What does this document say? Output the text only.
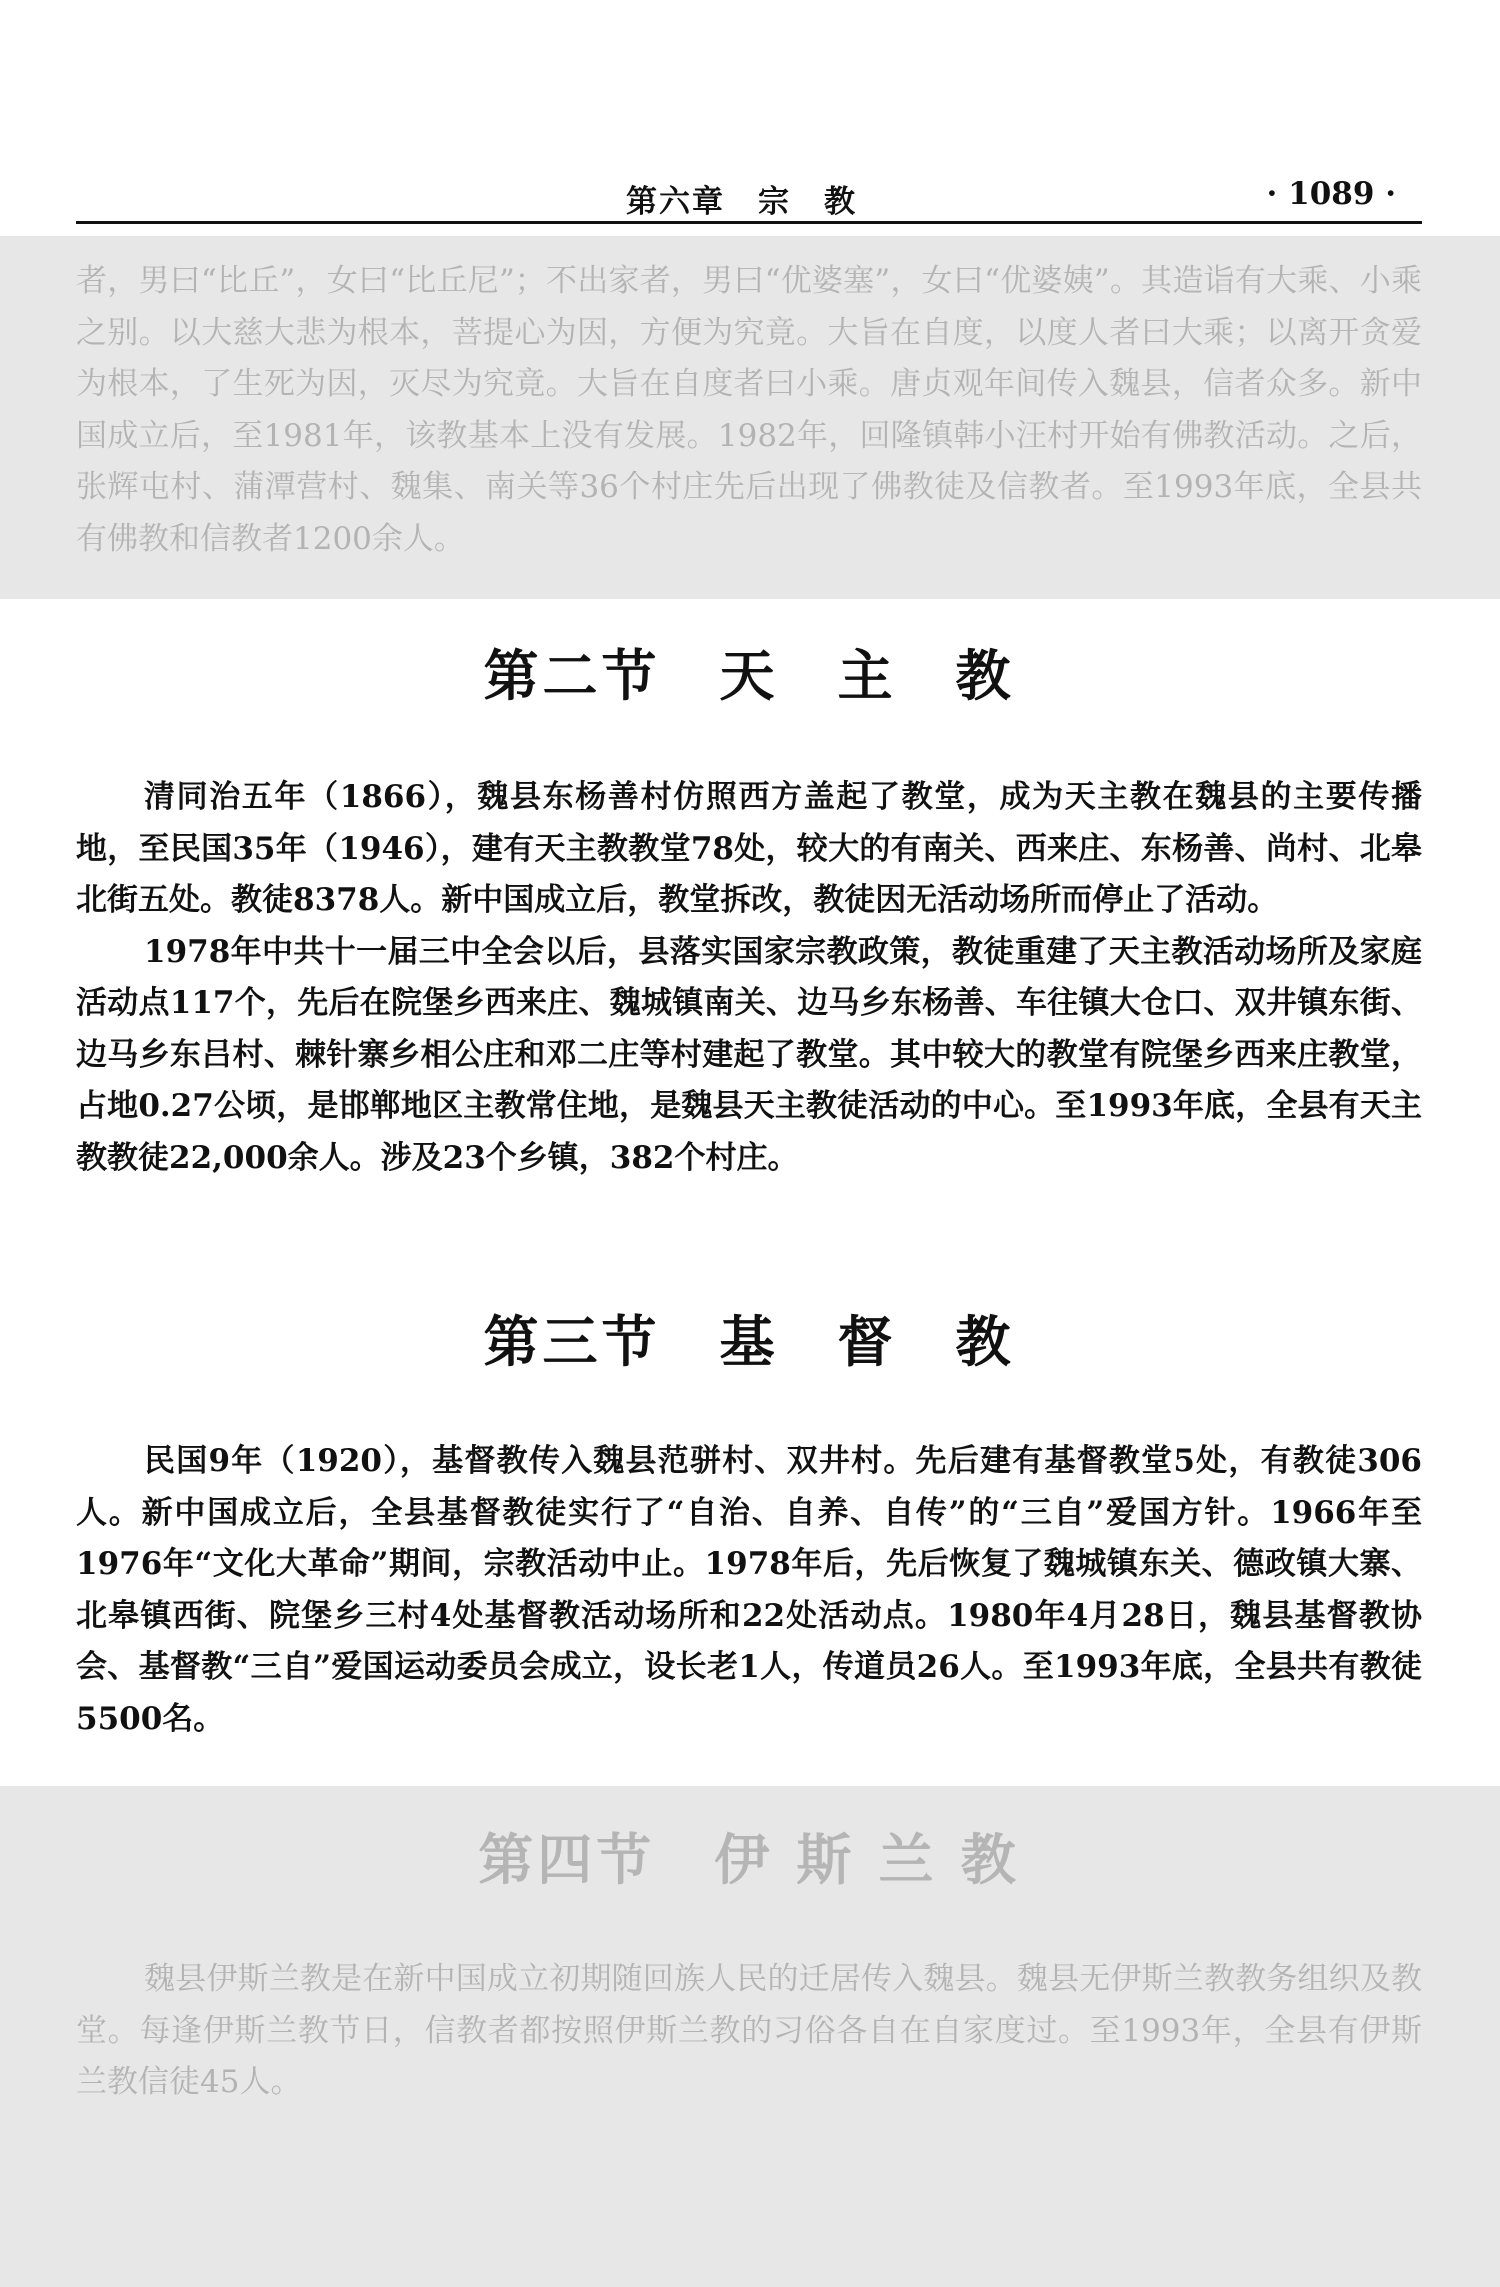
第六章　宗　教	· 1089 ·

者，男曰“比丘”，女曰“比丘尼”；不出家者，男曰“优婆塞”，女曰“优婆姨”。其造诣有大乘、小乘之别。以大慈大悲为根本，菩提心为因，方便为究竟。大旨在自度，以度人者曰大乘；以离开贪爱为根本，了生死为因，灭尽为究竟。大旨在自度者曰小乘。唐贞观年间传入魏县，信者众多。新中国成立后，至1981年，该教基本上没有发展。1982年，回隆镇韩小汪村开始有佛教活动。之后，张辉屯村、蒲潭营村、魏集、南关等36个村庄先后出现了佛教徒及信教者。至1993年底，全县共有佛教和信教者1200余人。

第二节　天　主　教

清同治五年（1866），魏县东杨善村仿照西方盖起了教堂，成为天主教在魏县的主要传播地，至民国35年（1946），建有天主教教堂78处，较大的有南关、西来庄、东杨善、尚村、北皋北街五处。教徒8378人。新中国成立后，教堂拆改，教徒因无活动场所而停止了活动。

1978年中共十一届三中全会以后，县落实国家宗教政策，教徒重建了天主教活动场所及家庭活动点117个，先后在院堡乡西来庄、魏城镇南关、边马乡东杨善、车往镇大仓口、双井镇东街、边马乡东吕村、棘针寨乡相公庄和邓二庄等村建起了教堂。其中较大的教堂有院堡乡西来庄教堂，占地0.27公顷，是邯郸地区主教常住地，是魏县天主教徒活动的中心。至1993年底，全县有天主教教徒22,000余人。涉及23个乡镇，382个村庄。

第三节　基　督　教

民国9年（1920），基督教传入魏县范骈村、双井村。先后建有基督教堂5处，有教徒306人。新中国成立后，全县基督教徒实行了“自治、自养、自传”的“三自”爱国方针。1966年至1976年“文化大革命”期间，宗教活动中止。1978年后，先后恢复了魏城镇东关、德政镇大寨、北皋镇西街、院堡乡三村4处基督教活动场所和22处活动点。1980年4月28日，魏县基督教协会、基督教“三自”爱国运动委员会成立，设长老1人，传道员26人。至1993年底，全县共有教徒5500名。

第四节　伊 斯 兰 教

魏县伊斯兰教是在新中国成立初期随回族人民的迁居传入魏县。魏县无伊斯兰教教务组织及教堂。每逢伊斯兰教节日，信教者都按照伊斯兰教的习俗各自在自家度过。至1993年，全县有伊斯兰教信徒45人。
